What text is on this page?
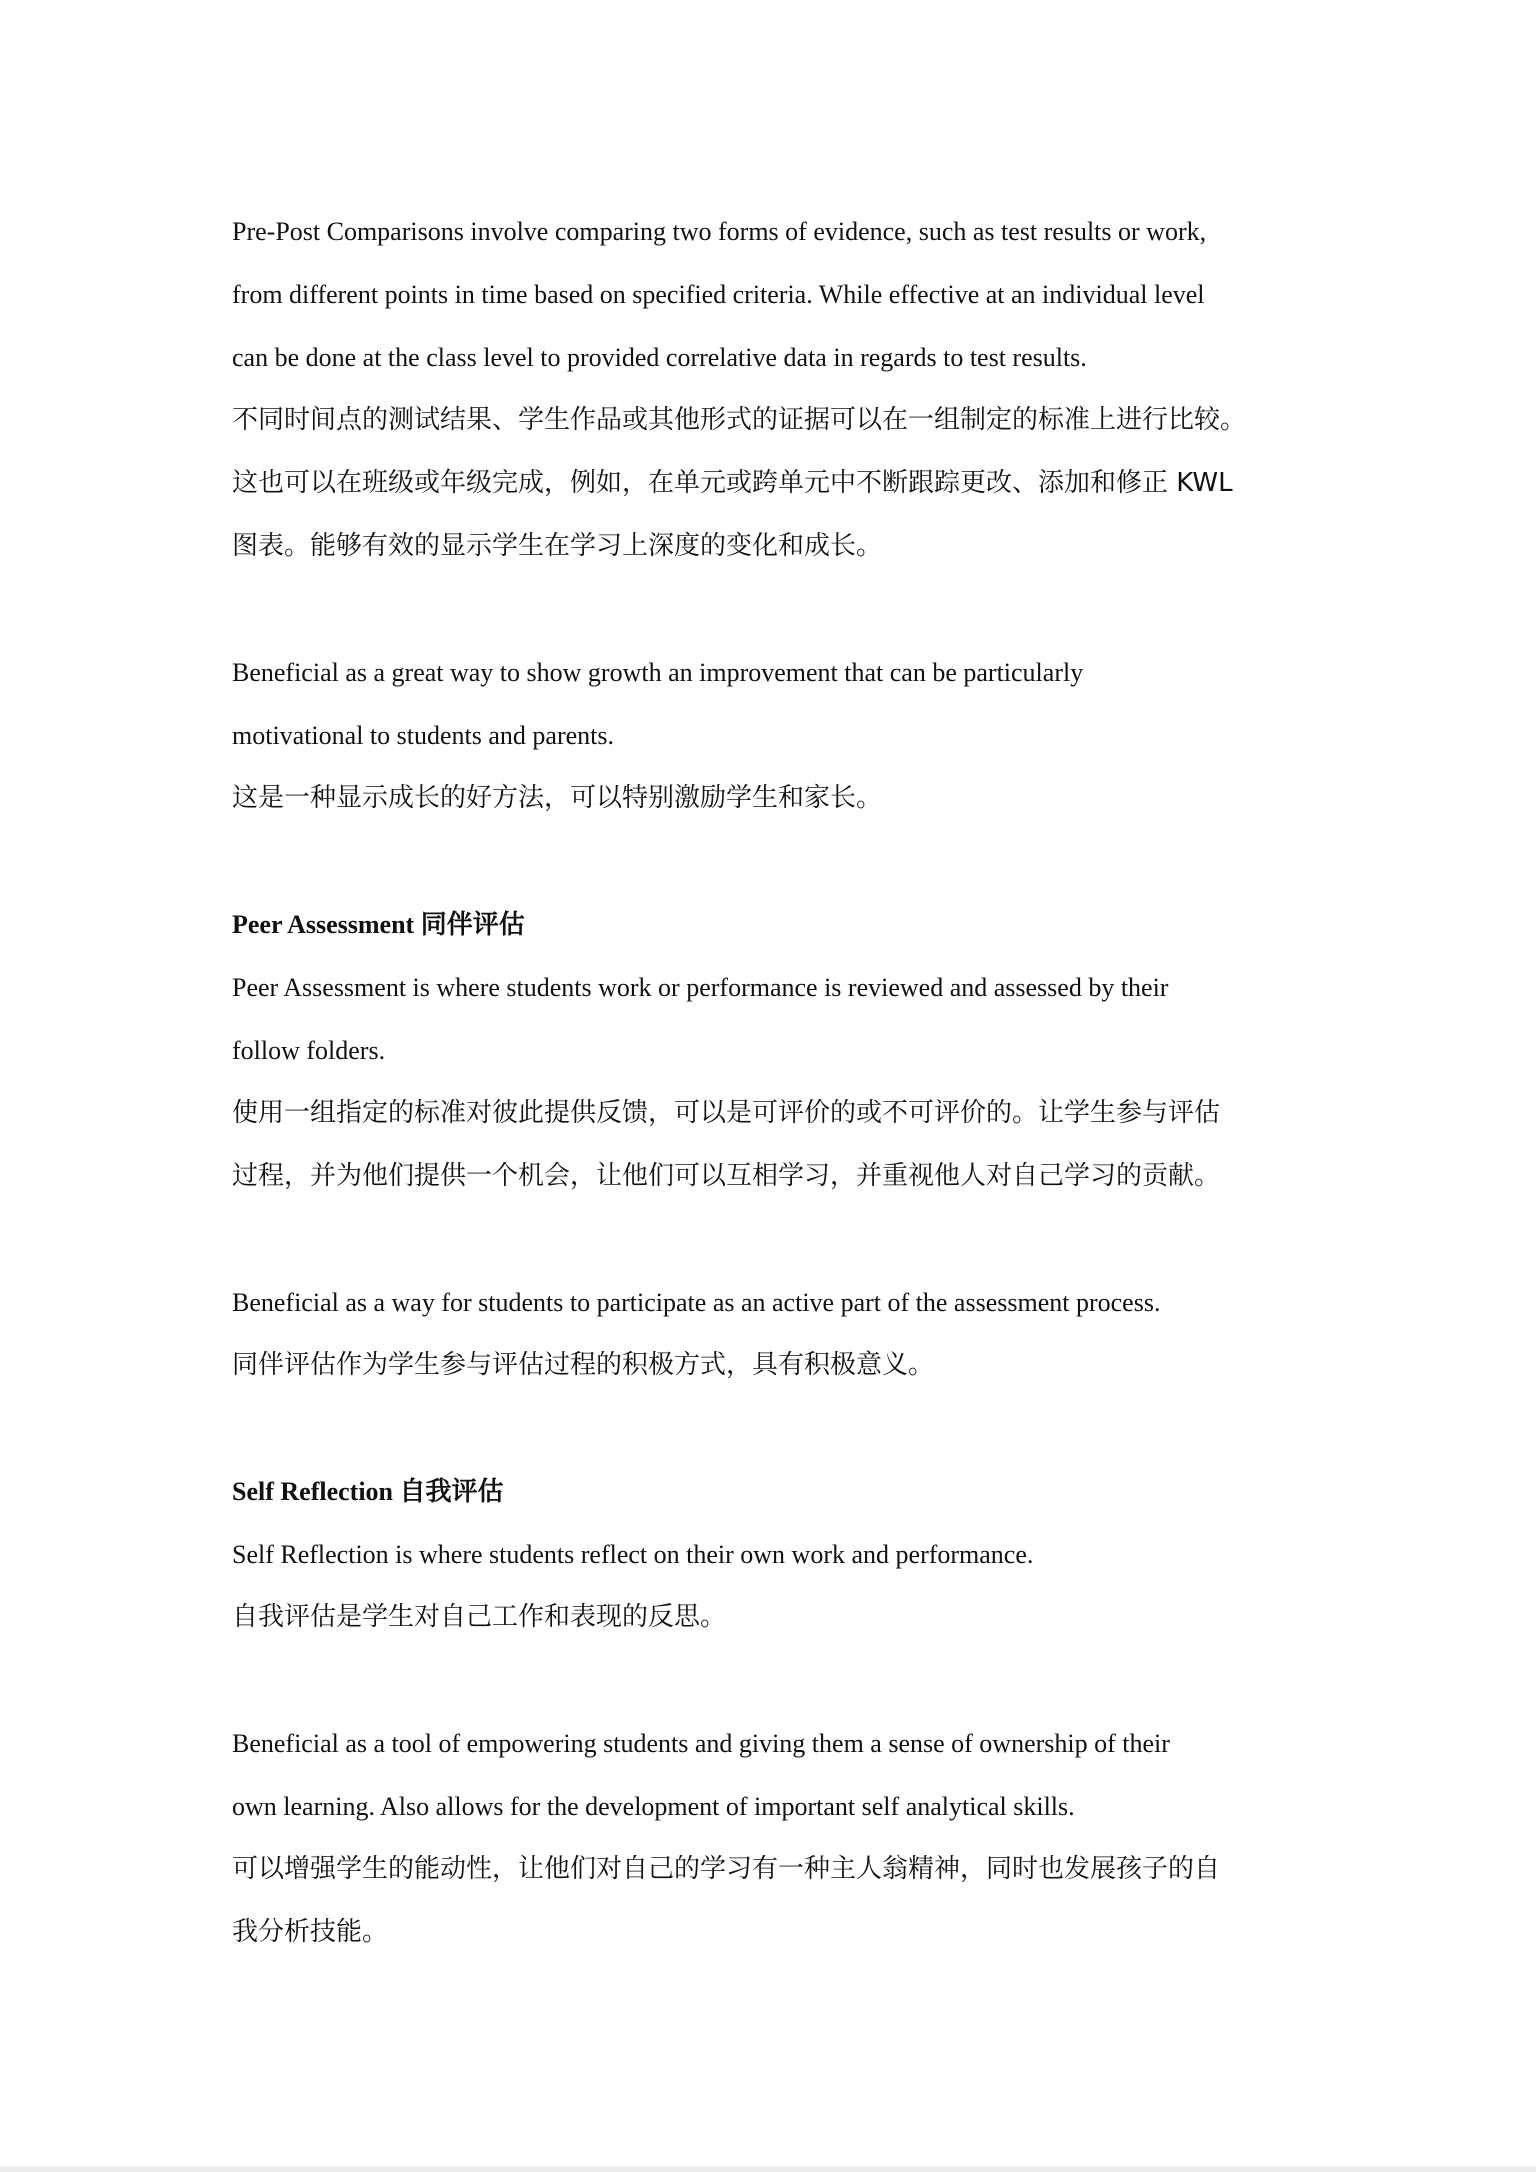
Pre-Post Comparisons involve comparing two forms of evidence, such as test results or work,

from different points in time based on specified criteria. While effective at an individual level

can be done at the class level to provided correlative data in regards to test results.

不同时间点的测试结果、学生作品或其他形式的证据可以在一组制定的标准上进行比较。

这也可以在班级或年级完成，例如，在单元或跨单元中不断跟踪更改、添加和修正 KWL

图表。能够有效的显示学生在学习上深度的变化和成长。

Beneficial as a great way to show growth an improvement that can be particularly

motivational to students and parents.

这是一种显示成长的好方法，可以特别激励学生和家长。

Peer Assessment 同伴评估

Peer Assessment is where students work or performance is reviewed and assessed by their

follow folders.

使用一组指定的标准对彼此提供反馈，可以是可评价的或不可评价的。让学生参与评估

过程，并为他们提供一个机会，让他们可以互相学习，并重视他人对自己学习的贡献。

Beneficial as a way for students to participate as an active part of the assessment process.

同伴评估作为学生参与评估过程的积极方式，具有积极意义。

Self Reflection 自我评估

Self Reflection is where students reflect on their own work and performance.

自我评估是学生对自己工作和表现的反思。

Beneficial as a tool of empowering students and giving them a sense of ownership of their

own learning. Also allows for the development of important self analytical skills.

可以增强学生的能动性，让他们对自己的学习有一种主人翁精神，同时也发展孩子的自

我分析技能。
